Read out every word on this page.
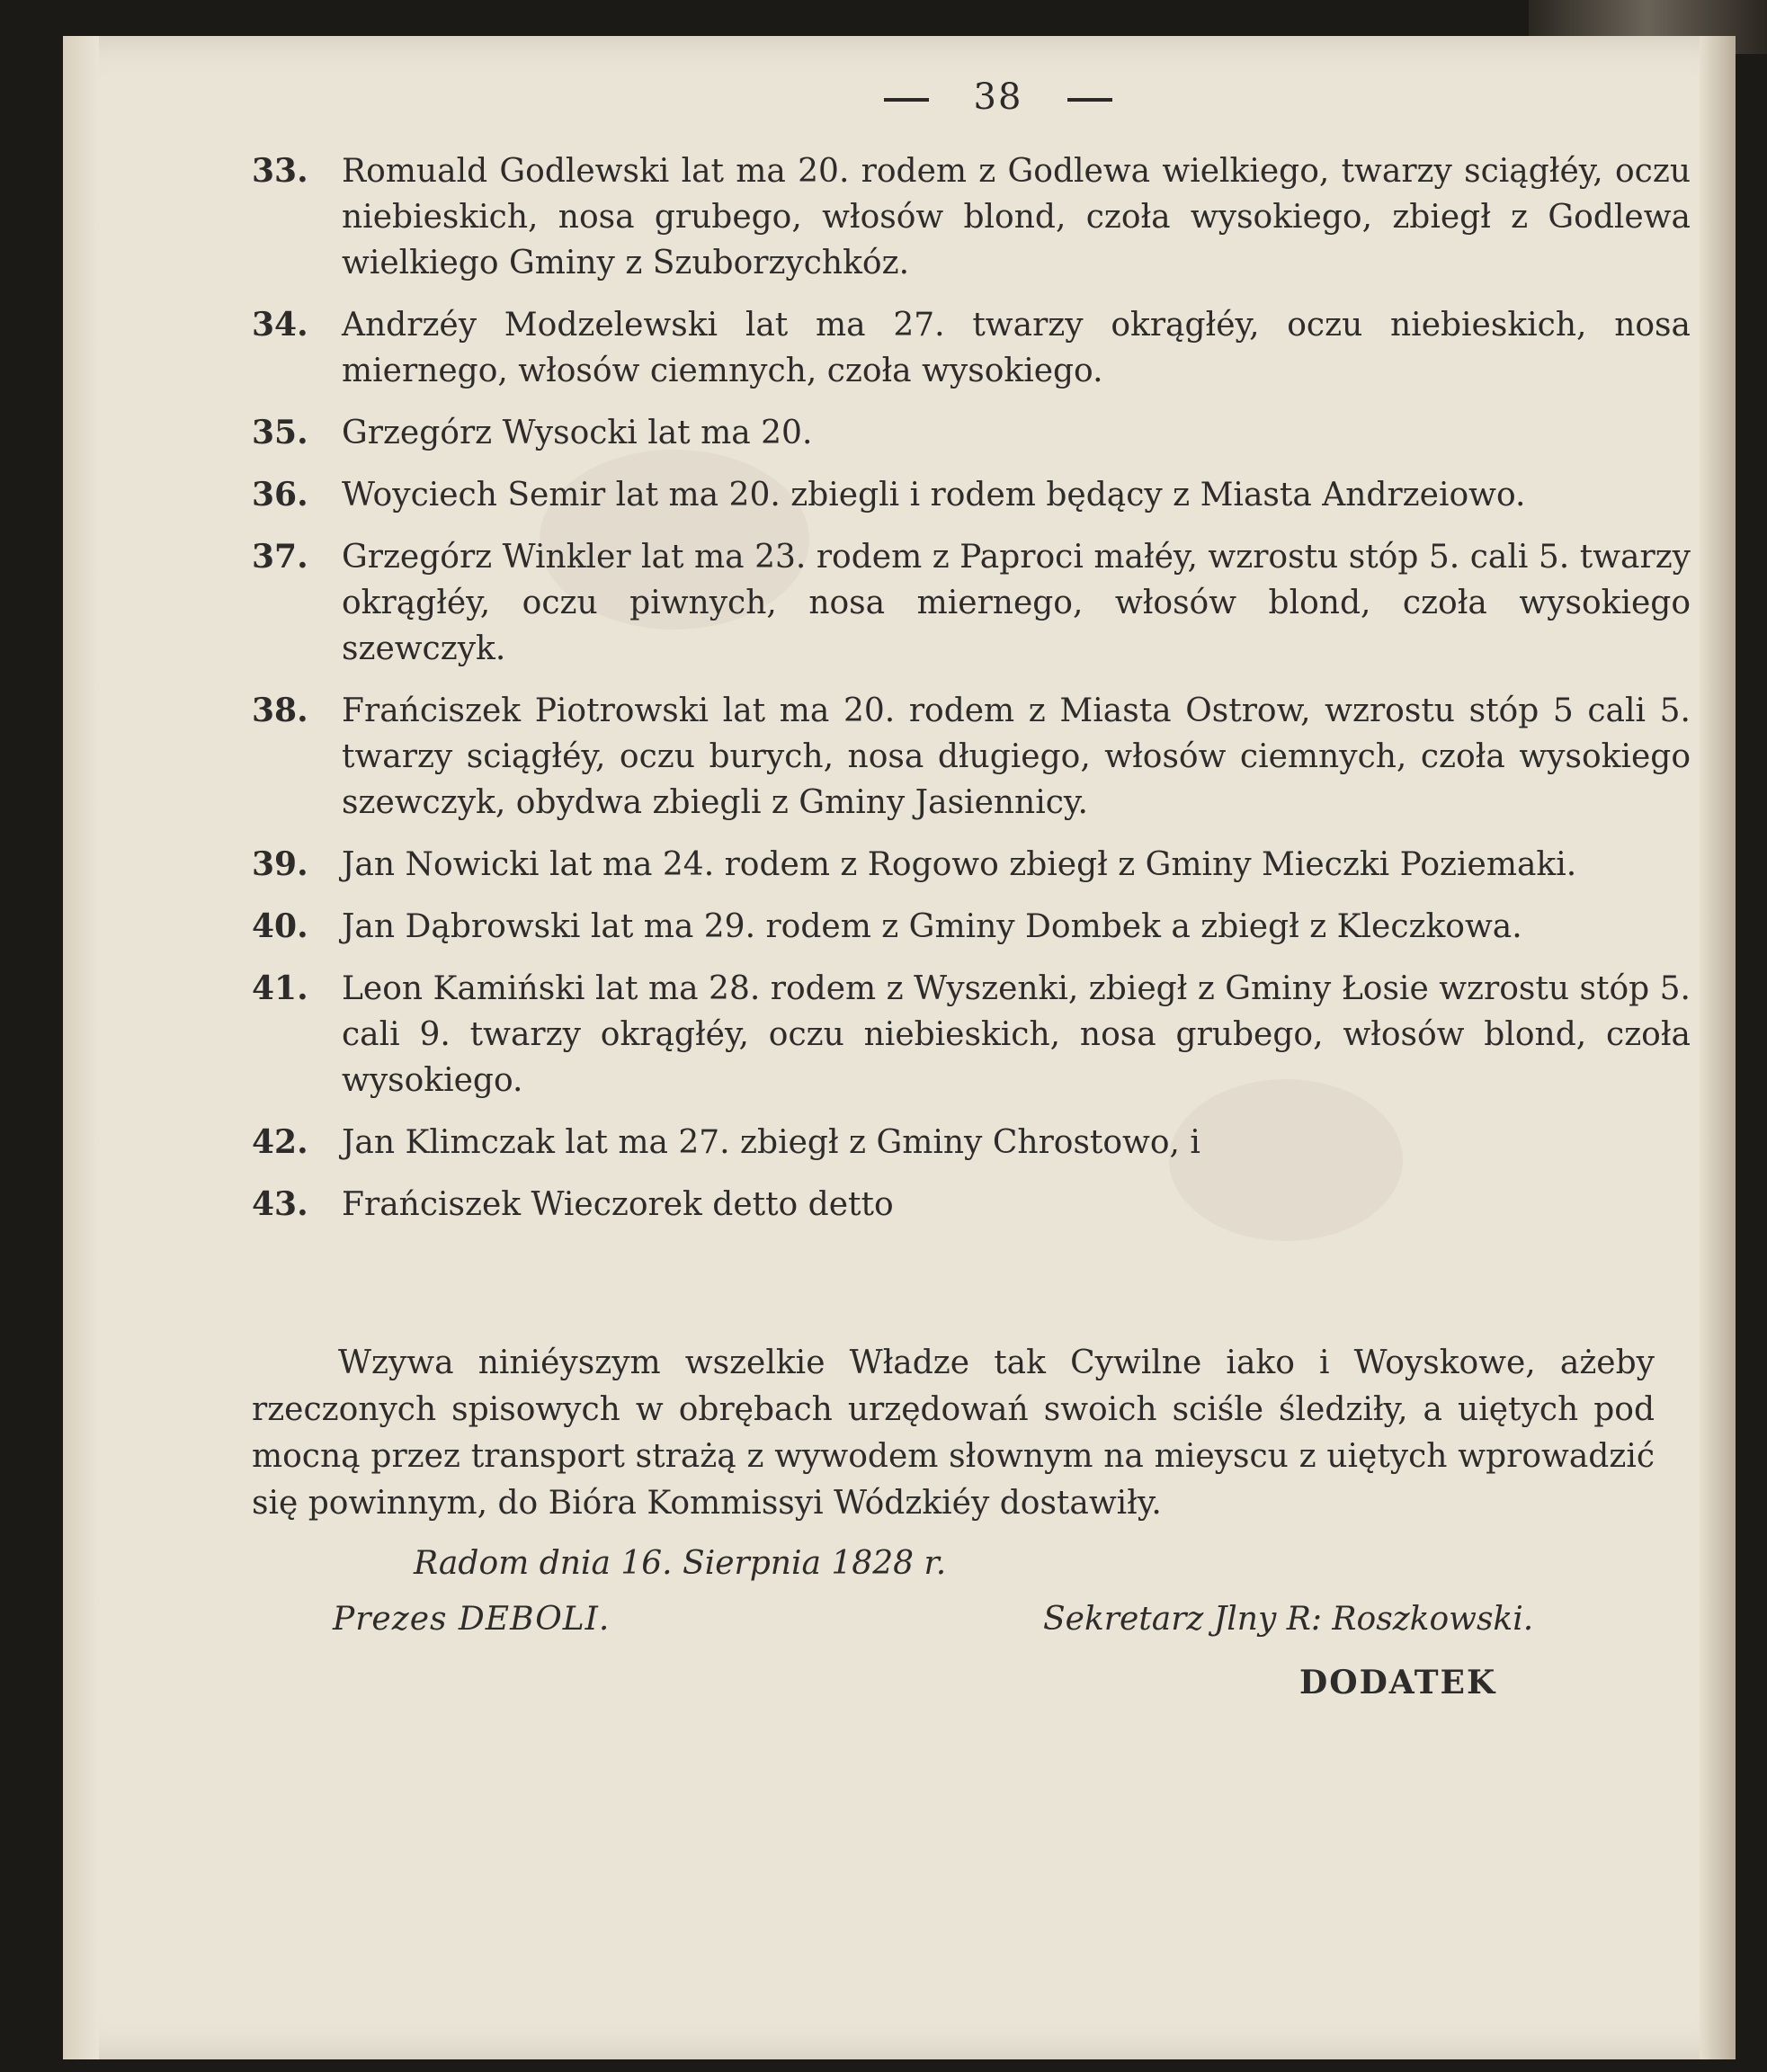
38
33. Romuald Godlewski lat ma 20. rodem z Godlewa wielkiego, twarzy sciągłéy, oczu niebieskich, nosa grubego, włosów blond, czoła wysokiego, zbiegł z Godlewa wielkiego Gminy z Szuborzychkóz.
34. Andrzéy Modzelewski lat ma 27. twarzy okrągłéy, oczu niebieskich, nosa miernego, włosów ciemnych, czoła wysokiego.
35. Grzegórz Wysocki lat ma 20.
36. Woyciech Semir lat ma 20. zbiegli i rodem będący z Miasta Andrzeiowo.
37. Grzegórz Winkler lat ma 23. rodem z Paproci małéy, wzrostu stóp 5. cali 5. twarzy okrągłéy, oczu piwnych, nosa miernego, włosów blond, czoła wysokiego szewczyk.
38. Frańciszek Piotrowski lat ma 20. rodem z Miasta Ostrow, wzrostu stóp 5 cali 5. twarzy sciągłéy, oczu burych, nosa długiego, włosów ciemnych, czoła wysokiego szewczyk, obydwa zbiegli z Gminy Jasiennicy.
39. Jan Nowicki lat ma 24. rodem z Rogowo zbiegł z Gminy Mieczki Poziemaki.
40. Jan Dąbrowski lat ma 29. rodem z Gminy Dombek a zbiegł z Kleczkowa.
41. Leon Kamiński lat ma 28. rodem z Wyszenki, zbiegł z Gminy Łosie wzrostu stóp 5. cali 9. twarzy okrągłéy, oczu niebieskich, nosa grubego, włosów blond, czoła wysokiego.
42. Jan Klimczak lat ma 27. zbiegł z Gminy Chrostowo, i
43. Frańciszek Wieczorek detto detto
Wzywa niniéyszym wszelkie Władze tak Cywilne iako i Woyskowe, ażeby rzeczonych spisowych w obrębach urzędowań swoich sciśle śledziły, a uiętych pod mocną przez transport strażą z wywodem słownym na mieyscu z uiętych wprowadzić się powinnym, do Bióra Kommissyi Wódzkiéy dostawiły.
Radom dnia 16. Sierpnia 1828 r.
Prezes DEBOLI.	Sekretarz Jlny R: Roszkowski.
DODATEK
